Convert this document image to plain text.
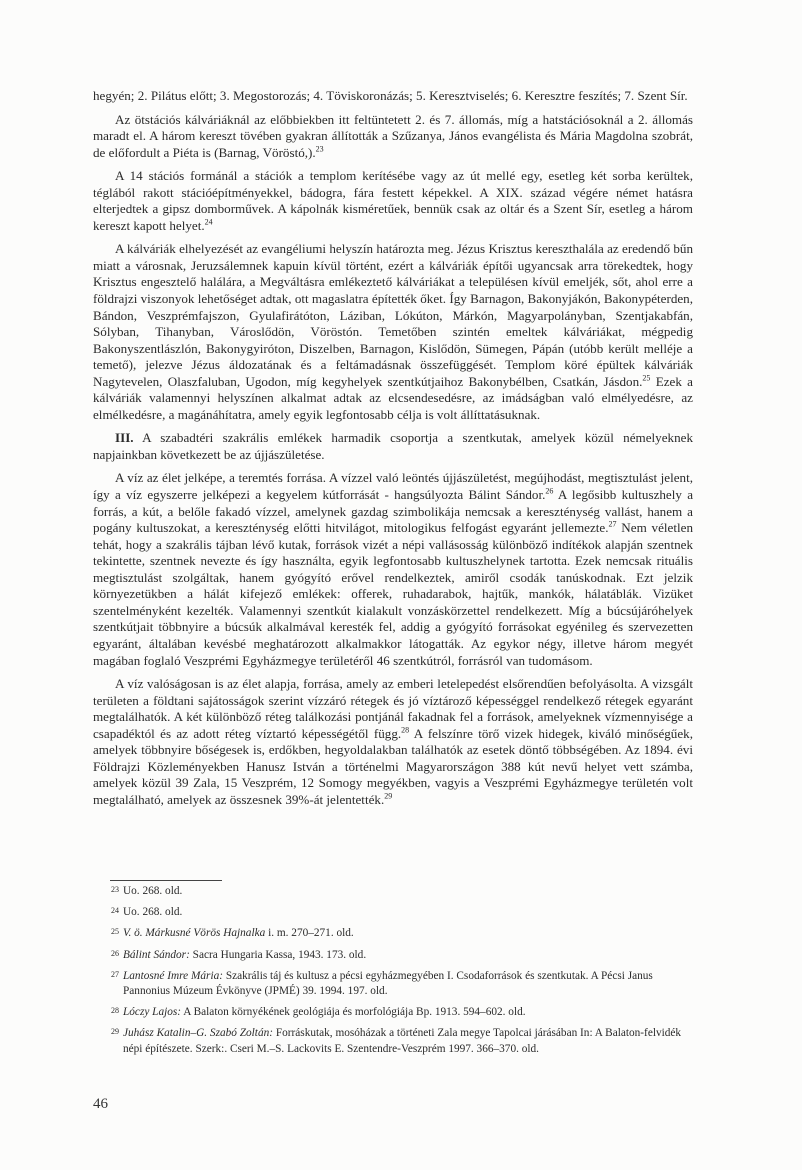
hegyén; 2. Pilátus előtt; 3. Megostorozás; 4. Töviskoronázás; 5. Keresztviselés; 6. Keresztre feszítés; 7. Szent Sír.

Az ötstációs kálváriáknál az előbbiekben itt feltüntetett 2. és 7. állomás, míg a hatstációsoknál a 2. állomás maradt el. A három kereszt tövében gyakran állították a Szűzanya, János evangélista és Mária Magdolna szobrát, de előfordult a Piéta is (Barnag, Vöröstó,).$^{23}$

A 14 stációs formánál a stációk a templom kerítésébe vagy az út mellé egy, esetleg két sorba kerültek, téglából rakott stációépítményekkel, bádogra, fára festett képekkel. A XIX. század végére német hatásra elterjedtek a gipsz domborművek. A kápolnák kisméretűek, bennük csak az oltár és a Szent Sír, esetleg a három kereszt kapott helyet.$^{24}$

A kálváriák elhelyezését az evangéliumi helyszín határozta meg. Jézus Krisztus kereszthalála az eredendő bűn miatt a városnak, Jeruzsálemnek kapuin kívül történt, ezért a kálváriák építői ugyancsak arra törekedtek, hogy Krisztus engesztelő halálára, a Megváltásra emlékeztető kálváriákat a településen kívül emeljék, sőt, ahol erre a földrajzi viszonyok lehetőséget adtak, ott magaslatra építették őket. Így Barnagon, Bakonyjákón, Bakonypéterden, Bándon, Veszprémfajszon, Gyulafirátóton, Láziban, Lókúton, Márkón, Magyarpolányban, Szentjakabfán, Sólyban, Tihanyban, Városlődön, Vöröstón. Temetőben szintén emeltek kálváriákat, mégpedig Bakonyszentlászlón, Bakonygyiróton, Diszelben, Barnagon, Kislődön, Sümegen, Pápán (utóbb került melléje a temető), jelezve Jézus áldozatának és a feltámadásnak összefüggését. Templom köré épültek kálváriák Nagytevelen, Olaszfaluban, Ugodon, míg kegyhelyek szentkútjaihoz Bakonybélben, Csatkán, Jásdon.$^{25}$ Ezek a kálváriák valamennyi helyszínen alkalmat adtak az elcsendesedésre, az imádságban való elmélyedésre, az elmélkedésre, a magánáhítatra, amely egyik legfontosabb célja is volt állíttatásuknak.

III. A szabadtéri szakrális emlékek harmadik csoportja a szentkutak, amelyek közül némelyeknek napjainkban következett be az újjászületése.

A víz az élet jelképe, a teremtés forrása. A vízzel való leöntés újjászületést, megújhodást, megtisztulást jelent, így a víz egyszerre jelképezi a kegyelem kútforrását - hangsúlyozta Bálint Sándor.$^{26}$ A legősibb kultuszhely a forrás, a kút, a belőle fakadó vízzel, amelynek gazdag szimbolikája nemcsak a kereszténység vallást, hanem a pogány kultuszokat, a kereszténység előtti hitvilágot, mitologikus felfogást egyaránt jellemezte.$^{27}$ Nem véletlen tehát, hogy a szakrális tájban lévő kutak, források vizét a népi vallásosság különböző indítékok alapján szentnek tekintette, szentnek nevezte és így használta, egyik legfontosabb kultuszhelynek tartotta. Ezek nemcsak rituális megtisztulást szolgáltak, hanem gyógyító erővel rendelkeztek, amiről csodák tanúskodnak. Ezt jelzik környezetükben a hálát kifejező emlékek: offerek, ruhadarabok, hajtűk, mankók, hálatáblák. Vizüket szentelményként kezelték. Valamennyi szentkút kialakult vonzáskörzettel rendelkezett. Míg a búcsújáróhelyek szentkútjait többnyire a búcsúk alkalmával keresték fel, addig a gyógyító forrásokat egyénileg és szervezetten egyaránt, általában kevésbé meghatározott alkalmakkor látogatták. Az egykor négy, illetve három megyét magában foglaló Veszprémi Egyházmegye területéről 46 szentkútról, forrásról van tudomásom.

A víz valóságosan is az élet alapja, forrása, amely az emberi letelepedést elsőrendűen befolyásolta. A vizsgált területen a földtani sajátosságok szerint vízzáró rétegek és jó víztároző képességgel rendelkező rétegek egyaránt megtalálhatók. A két különböző réteg találkozási pontjánál fakadnak fel a források, amelyeknek vízmennyisége a csapadéktól és az adott réteg víztartó képességétől függ.$^{28}$ A felszínre törő vizek hidegek, kiváló minőségűek, amelyek többnyire bőségesek is, erdőkben, hegyoldalakban találhatók az esetek döntő többségében. Az 1894. évi Földrajzi Közleményekben Hanusz István a történelmi Magyarországon 388 kút nevű helyet vett számba, amelyek közül 39 Zala, 15 Veszprém, 12 Somogy megyékben, vagyis a Veszprémi Egyházmegye területén volt megtalálható, amelyek az összesnek 39%-át jelentették.$^{29}$

23 Uo. 268. old.
24 Uo. 268. old.
25 V. ö. Márkusné Vörös Hajnalka i. m. 270–271. old.
26 Bálint Sándor: Sacra Hungaria Kassa, 1943. 173. old.
27 Lantosné Imre Mária: Szakrális táj és kultusz a pécsi egyházmegyében I. Csodaforrások és szentkutak. A Pécsi Janus Pannonius Múzeum Évkönyve (JPMÉ) 39. 1994. 197. old.
28 Lóczy Lajos: A Balaton környékének geológiája és morfológiája Bp. 1913. 594–602. old.
29 Juhász Katalin–G. Szabó Zoltán: Forráskutak, mosóházak a történeti Zala megye Tapolcai járásában In: A Balaton-felvidék népi építészete. Szerk:. Cseri M.–S. Lackovits E. Szentendre-Veszprém 1997. 366–370. old.
46
